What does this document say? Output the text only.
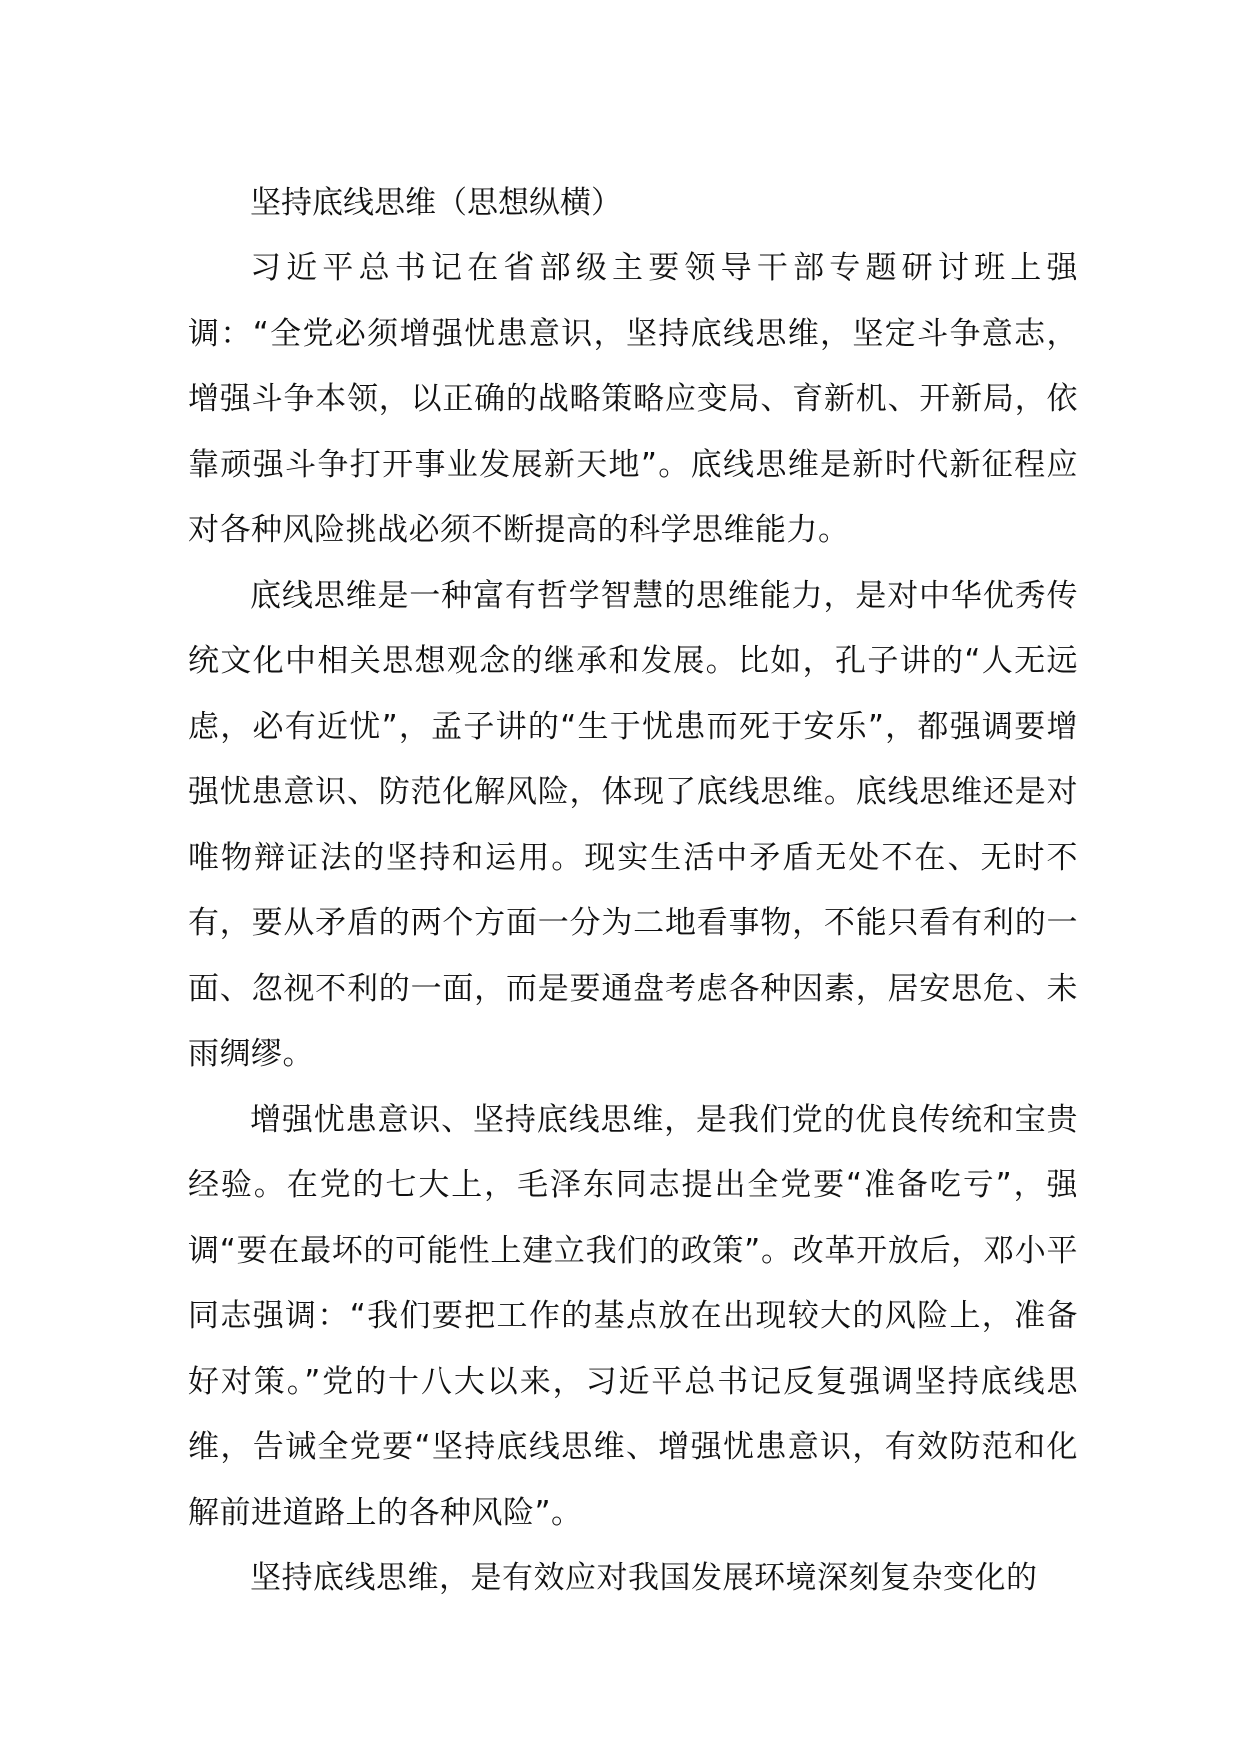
坚持底线思维（思想纵横）

习近平总书记在省部级主要领导干部专题研讨班上强调：“全党必须增强忧患意识，坚持底线思维，坚定斗争意志，增强斗争本领，以正确的战略策略应变局、育新机、开新局，依靠顽强斗争打开事业发展新天地”。底线思维是新时代新征程应对各种风险挑战必须不断提高的科学思维能力。

底线思维是一种富有哲学智慧的思维能力，是对中华优秀传统文化中相关思想观念的继承和发展。比如，孔子讲的“人无远虑，必有近忧”，孟子讲的“生于忧患而死于安乐”，都强调要增强忧患意识、防范化解风险，体现了底线思维。底线思维还是对唯物辩证法的坚持和运用。现实生活中矛盾无处不在、无时不有，要从矛盾的两个方面一分为二地看事物，不能只看有利的一面、忽视不利的一面，而是要通盘考虑各种因素，居安思危、未雨绸缪。

增强忧患意识、坚持底线思维，是我们党的优良传统和宝贵经验。在党的七大上，毛泽东同志提出全党要“准备吃亏”，强调“要在最坏的可能性上建立我们的政策”。改革开放后，邓小平同志强调：“我们要把工作的基点放在出现较大的风险上，准备好对策。”党的十八大以来，习近平总书记反复强调坚持底线思维，告诫全党要“坚持底线思维、增强忧患意识，有效防范和化解前进道路上的各种风险”。

坚持底线思维，是有效应对我国发展环境深刻复杂变化的
